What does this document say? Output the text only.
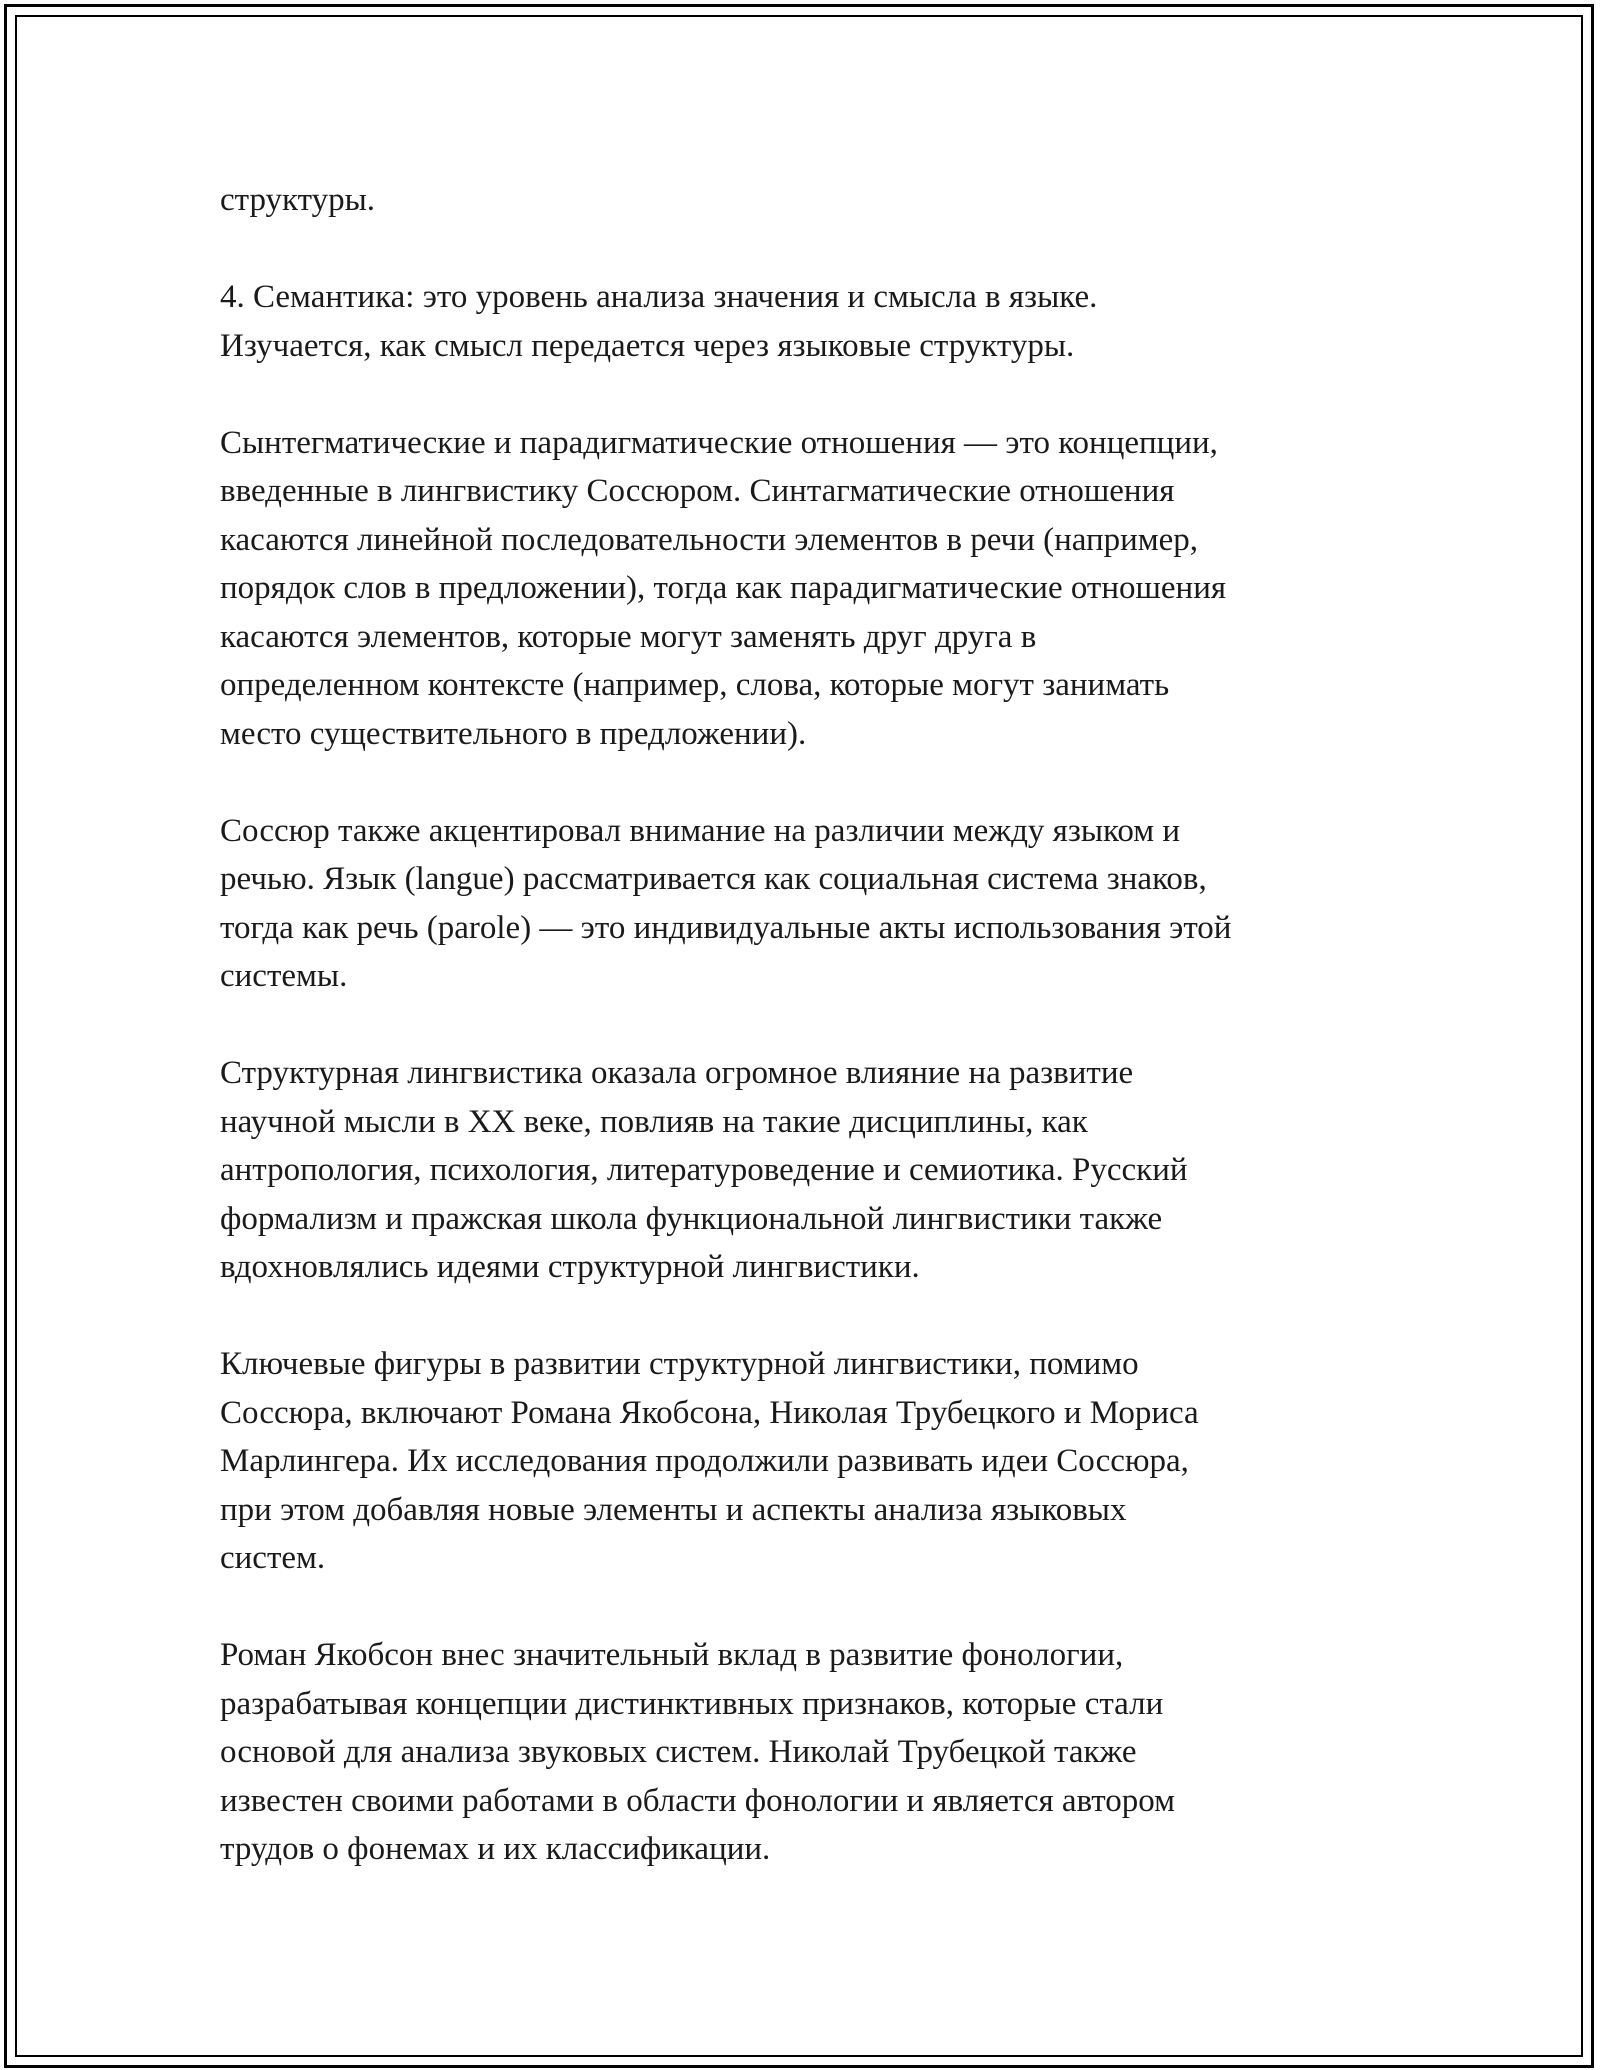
структуры.

4. Семантика: это уровень анализа значения и смысла в языке.
Изучается, как смысл передается через языковые структуры.

Сынтегматические и парадигматические отношения — это концепции,
введенные в лингвистику Соссюром. Синтагматические отношения
касаются линейной последовательности элементов в речи (например,
порядок слов в предложении), тогда как парадигматические отношения
касаются элементов, которые могут заменять друг друга в
определенном контексте (например, слова, которые могут занимать
место существительного в предложении).

Соссюр также акцентировал внимание на различии между языком и
речью. Язык (langue) рассматривается как социальная система знаков,
тогда как речь (parole) — это индивидуальные акты использования этой
системы.

Структурная лингвистика оказала огромное влияние на развитие
научной мысли в XX веке, повлияв на такие дисциплины, как
антропология, психология, литературоведение и семиотика. Русский
формализм и пражская школа функциональной лингвистики также
вдохновлялись идеями структурной лингвистики.

Ключевые фигуры в развитии структурной лингвистики, помимо
Соссюра, включают Романа Якобсона, Николая Трубецкого и Мориса
Марлингера. Их исследования продолжили развивать идеи Соссюра,
при этом добавляя новые элементы и аспекты анализа языковых
систем.

Роман Якобсон внес значительный вклад в развитие фонологии,
разрабатывая концепции дистинктивных признаков, которые стали
основой для анализа звуковых систем. Николай Трубецкой также
известен своими работами в области фонологии и является автором
трудов о фонемах и их классификации.
